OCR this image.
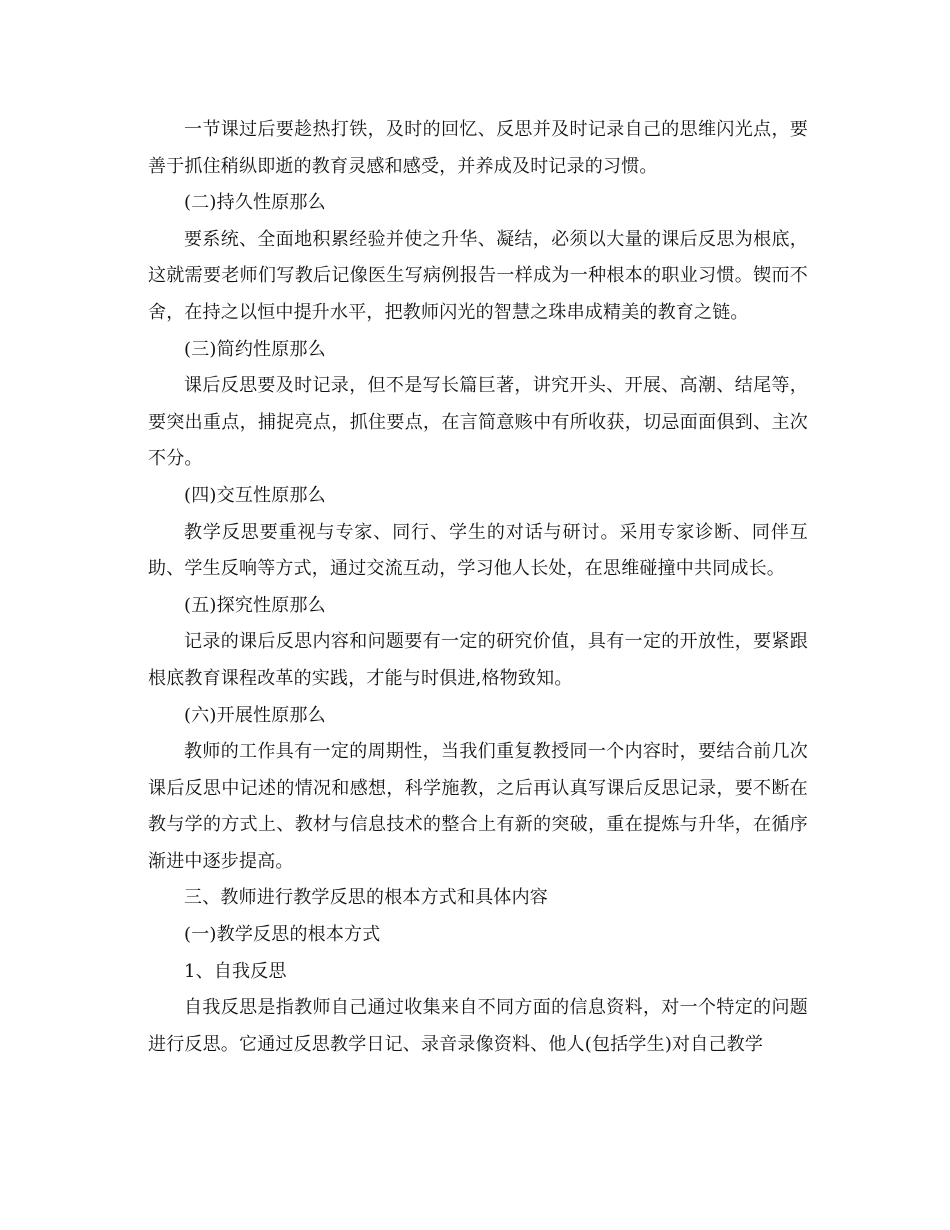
一节课过后要趁热打铁，及时的回忆、反思并及时记录自己的思维闪光点，要善于抓住稍纵即逝的教育灵感和感受，并养成及时记录的习惯。

(二)持久性原那么

要系统、全面地积累经验并使之升华、凝结，必须以大量的课后反思为根底，这就需要老师们写教后记像医生写病例报告一样成为一种根本的职业习惯。锲而不舍，在持之以恒中提升水平，把教师闪光的智慧之珠串成精美的教育之链。

(三)简约性原那么

课后反思要及时记录，但不是写长篇巨著，讲究开头、开展、高潮、结尾等，要突出重点，捕捉亮点，抓住要点，在言简意赅中有所收获，切忌面面俱到、主次不分。

(四)交互性原那么

教学反思要重视与专家、同行、学生的对话与研讨。采用专家诊断、同伴互助、学生反响等方式，通过交流互动，学习他人长处，在思维碰撞中共同成长。

(五)探究性原那么

记录的课后反思内容和问题要有一定的研究价值，具有一定的开放性，要紧跟根底教育课程改革的实践，才能与时俱进,格物致知。

(六)开展性原那么

教师的工作具有一定的周期性，当我们重复教授同一个内容时，要结合前几次课后反思中记述的情况和感想，科学施教，之后再认真写课后反思记录，要不断在教与学的方式上、教材与信息技术的整合上有新的突破，重在提炼与升华，在循序渐进中逐步提高。

三、教师进行教学反思的根本方式和具体内容

(一)教学反思的根本方式

1、自我反思

自我反思是指教师自己通过收集来自不同方面的信息资料，对一个特定的问题进行反思。它通过反思教学日记、录音录像资料、他人(包括学生)对自己教学
